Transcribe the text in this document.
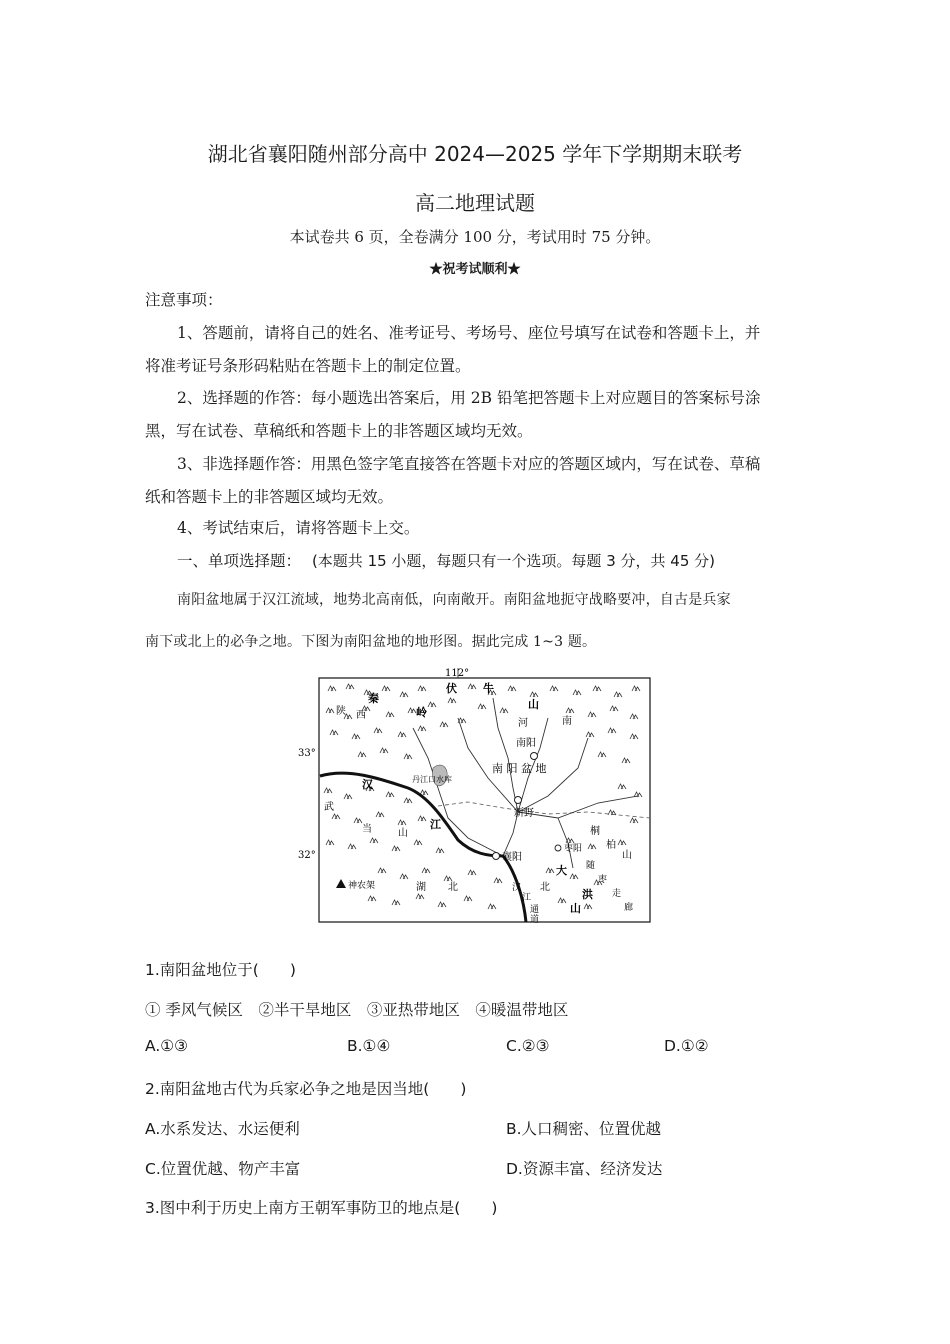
湖北省襄阳随州部分高中 2024—2025 学年下学期期末联考
高二地理试题
本试卷共 6 页，全卷满分 100 分，考试用时 75 分钟。
★祝考试顺利★
注意事项：
1、答题前，请将自己的姓名、准考证号、考场号、座位号填写在试卷和答题卡上，并
将准考证号条形码粘贴在答题卡上的制定位置。
2、选择题的作答：每小题选出答案后，用 2B 铅笔把答题卡上对应题目的答案标号涂
黑，写在试卷、草稿纸和答题卡上的非答题区域均无效。
3、非选择题作答：用黑色签字笔直接答在答题卡对应的答题区域内，写在试卷、草稿
纸和答题卡上的非答题区域均无效。
4、考试结束后，请将答题卡上交。
一、单项选择题： (本题共 15 小题，每题只有一个选项。每题 3 分，共 45 分)
南阳盆地属于汉江流域，地势北高南低，向南敞开。南阳盆地扼守战略要冲，自古是兵家
南下或北上的必争之地。下图为南阳盆地的地形图。据此完成 1~3 题。
112°
33°
32°
秦
岭
陕 西
伏 牛
山
河	南
南阳
南 阳 盆 地
丹江口水库
汉
江
武
当	山
新野
桐
柏
山
襄阳
枣阳
大
洪
山
湖 北	北
随
枣
走
廊
汉
江
通
道
神农架
1.南阳盆地位于(　　)
① 季风气候区　②半干旱地区　③亚热带地区　④暖温带地区
A.①③	B.①④	C.②③	D.①②
2.南阳盆地古代为兵家必争之地是因当地(　　)
A.水系发达、水运便利	B.人口稠密、位置优越
C.位置优越、物产丰富	D.资源丰富、经济发达
3.图中利于历史上南方王朝军事防卫的地点是(　　)
